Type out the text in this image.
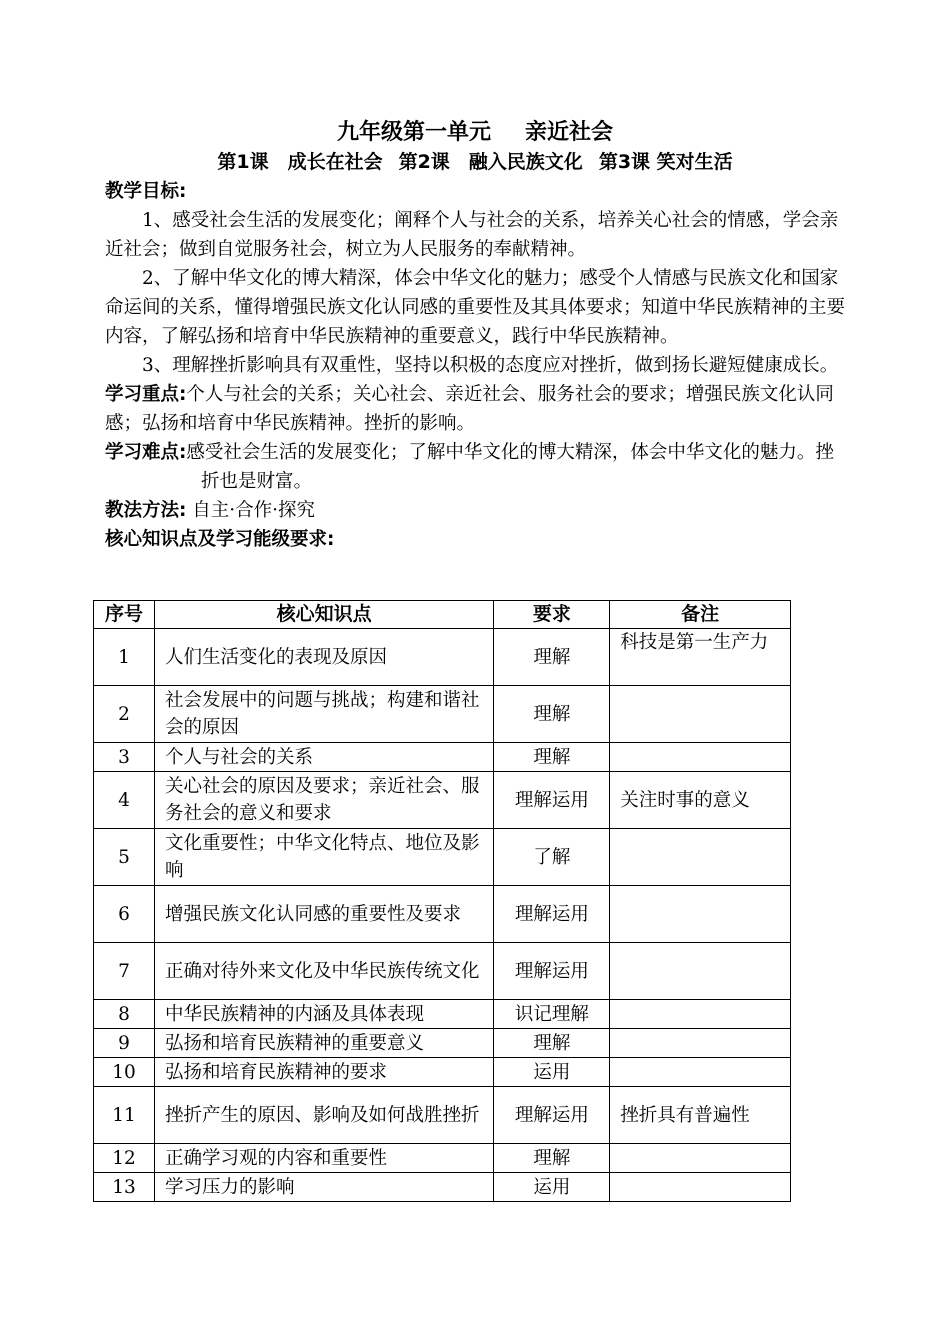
九年级第一单元 亲近社会
第1课　成长在社会 第2课　融入民族文化 第3课 笑对生活

教学目标:

1、感受社会生活的发展变化；阐释个人与社会的关系，培养关心社会的情感，学会亲近社会；做到自觉服务社会，树立为人民服务的奉献精神。

2、了解中华文化的博大精深，体会中华文化的魅力；感受个人情感与民族文化和国家命运间的关系，懂得增强民族文化认同感的重要性及其具体要求；知道中华民族精神的主要内容，了解弘扬和培育中华民族精神的重要意义，践行中华民族精神。

3、理解挫折影响具有双重性，坚持以积极的态度应对挫折，做到扬长避短健康成长。

学习重点:个人与社会的关系；关心社会、亲近社会、服务社会的要求；增强民族文化认同感；弘扬和培育中华民族精神。挫折的影响。

学习难点:感受社会生活的发展变化；了解中华文化的博大精深，体会中华文化的魅力。挫折也是财富。

教法方法: 自主·合作·探究

核心知识点及学习能级要求:

序号	核心知识点	要求	备注
1	人们生活变化的表现及原因	理解	科技是第一生产力
2	社会发展中的问题与挑战；构建和谐社会的原因	理解	
3	个人与社会的关系	理解	
4	关心社会的原因及要求；亲近社会、服务社会的意义和要求	理解运用	关注时事的意义
5	文化重要性；中华文化特点、地位及影响	了解	
6	增强民族文化认同感的重要性及要求	理解运用	
7	正确对待外来文化及中华民族传统文化	理解运用	
8	中华民族精神的内涵及具体表现	识记理解	
9	弘扬和培育民族精神的重要意义	理解	
10	弘扬和培育民族精神的要求	运用	
11	挫折产生的原因、影响及如何战胜挫折	理解运用	挫折具有普遍性
12	正确学习观的内容和重要性	理解	
13	学习压力的影响	运用	
